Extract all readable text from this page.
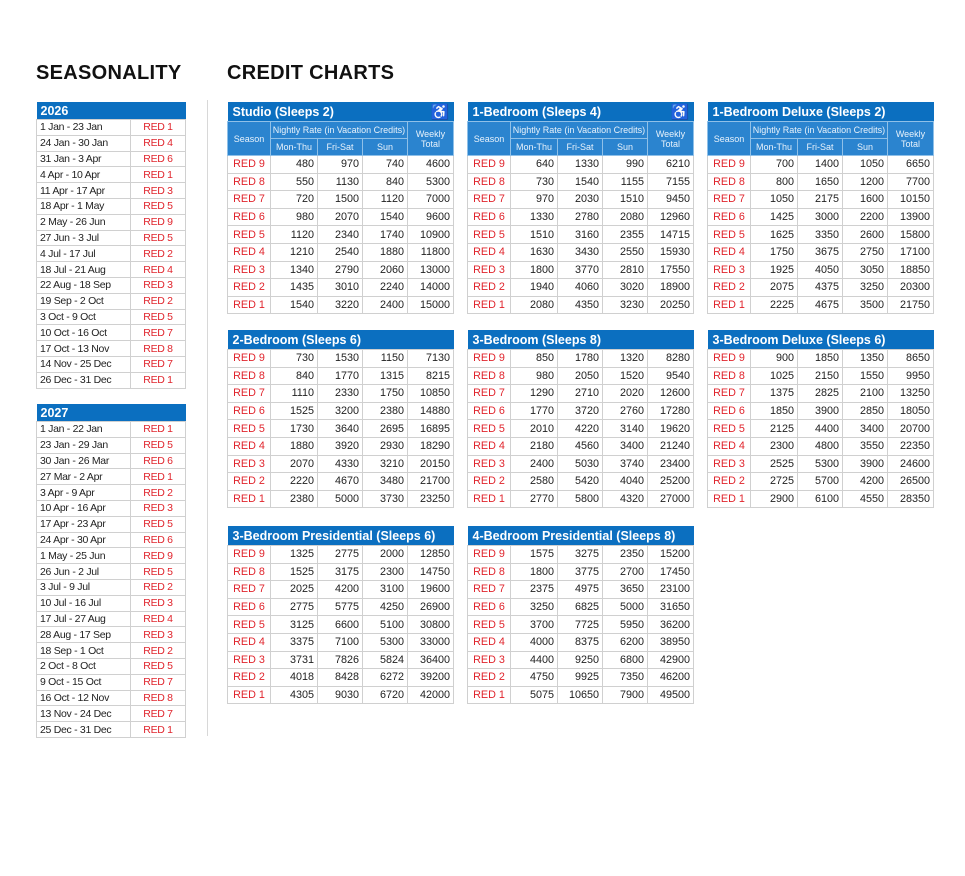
SEASONALITY CREDIT CHARTS
2026	
1 Jan - 23 Jan	RED 1
24 Jan - 30 Jan	RED 4
31 Jan - 3 Apr	RED 6
4 Apr - 10 Apr	RED 1
11 Apr - 17 Apr	RED 3
18 Apr - 1 May	RED 5
2 May - 26 Jun	RED 9
27 Jun - 3 Jul	RED 5
4 Jul - 17 Jul	RED 2
18 Jul - 21 Aug	RED 4
22 Aug - 18 Sep	RED 3
19 Sep - 2 Oct	RED 2
3 Oct - 9 Oct	RED 5
10 Oct - 16 Oct	RED 7
17 Oct - 13 Nov	RED 8
14 Nov - 25 Dec	RED 7
26 Dec - 31 Dec	RED 1
2027	
1 Jan - 22 Jan	RED 1
23 Jan - 29 Jan	RED 5
30 Jan - 26 Mar	RED 6
27 Mar - 2 Apr	RED 1
3 Apr - 9 Apr	RED 2
10 Apr - 16 Apr	RED 3
17 Apr - 23 Apr	RED 5
24 Apr - 30 Apr	RED 6
1 May - 25 Jun	RED 9
26 Jun - 2 Jul	RED 5
3 Jul - 9 Jul	RED 2
10 Jul - 16 Jul	RED 3
17 Jul - 27 Aug	RED 4
28 Aug - 17 Sep	RED 3
18 Sep - 1 Oct	RED 2
2 Oct - 8 Oct	RED 5
9 Oct - 15 Oct	RED 7
16 Oct - 12 Nov	RED 8
13 Nov - 24 Dec	RED 7
25 Dec - 31 Dec	RED 1
Studio (Sleeps 2) ♿				

Season	Nightly Rate (in Vacation Credits)			Weekly Total
	Mon-Thu	Fri-Sat	Sun	
RED 9	480	970	740	4600
RED 8	550	1130	840	5300
RED 7	720	1500	1120	7000
RED 6	980	2070	1540	9600
RED 5	1120	2340	1740	10900
RED 4	1210	2540	1880	11800
RED 3	1340	2790	2060	13000
RED 2	1435	3010	2240	14000
RED 1	1540	3220	2400	15000
1-Bedroom (Sleeps 4) ♿				

Season	Nightly Rate (in Vacation Credits)			Weekly Total
	Mon-Thu	Fri-Sat	Sun	
RED 9	640	1330	990	6210
RED 8	730	1540	1155	7155
RED 7	970	2030	1510	9450
RED 6	1330	2780	2080	12960
RED 5	1510	3160	2355	14715
RED 4	1630	3430	2550	15930
RED 3	1800	3770	2810	17550
RED 2	1940	4060	3020	18900
RED 1	2080	4350	3230	20250
1-Bedroom Deluxe (Sleeps 2)				
Season	Nightly Rate (in Vacation Credits)			Weekly Total
	Mon-Thu	Fri-Sat	Sun	
RED 9	700	1400	1050	6650
RED 8	800	1650	1200	7700
RED 7	1050	2175	1600	10150
RED 6	1425	3000	2200	13900
RED 5	1625	3350	2600	15800
RED 4	1750	3675	2750	17100
RED 3	1925	4050	3050	18850
RED 2	2075	4375	3250	20300
RED 1	2225	4675	3500	21750
2-Bedroom (Sleeps 6)				
RED 9	730	1530	1150	7130
RED 8	840	1770	1315	8215
RED 7	1110	2330	1750	10850
RED 6	1525	3200	2380	14880
RED 5	1730	3640	2695	16895
RED 4	1880	3920	2930	18290
RED 3	2070	4330	3210	20150
RED 2	2220	4670	3480	21700
RED 1	2380	5000	3730	23250
3-Bedroom (Sleeps 8)				
RED 9	850	1780	1320	8280
RED 8	980	2050	1520	9540
RED 7	1290	2710	2020	12600
RED 6	1770	3720	2760	17280
RED 5	2010	4220	3140	19620
RED 4	2180	4560	3400	21240
RED 3	2400	5030	3740	23400
RED 2	2580	5420	4040	25200
RED 1	2770	5800	4320	27000
3-Bedroom Deluxe (Sleeps 6)				
RED 9	900	1850	1350	8650
RED 8	1025	2150	1550	9950
RED 7	1375	2825	2100	13250
RED 6	1850	3900	2850	18050
RED 5	2125	4400	3400	20700
RED 4	2300	4800	3550	22350
RED 3	2525	5300	3900	24600
RED 2	2725	5700	4200	26500
RED 1	2900	6100	4550	28350
3-Bedroom Presidential (Sleeps 6)				
RED 9	1325	2775	2000	12850
RED 8	1525	3175	2300	14750
RED 7	2025	4200	3100	19600
RED 6	2775	5775	4250	26900
RED 5	3125	6600	5100	30800
RED 4	3375	7100	5300	33000
RED 3	3731	7826	5824	36400
RED 2	4018	8428	6272	39200
RED 1	4305	9030	6720	42000
4-Bedroom Presidential (Sleeps 8)				
RED 9	1575	3275	2350	15200
RED 8	1800	3775	2700	17450
RED 7	2375	4975	3650	23100
RED 6	3250	6825	5000	31650
RED 5	3700	7725	5950	36200
RED 4	4000	8375	6200	38950
RED 3	4400	9250	6800	42900
RED 2	4750	9925	7350	46200
RED 1	5075	10650	7900	49500
